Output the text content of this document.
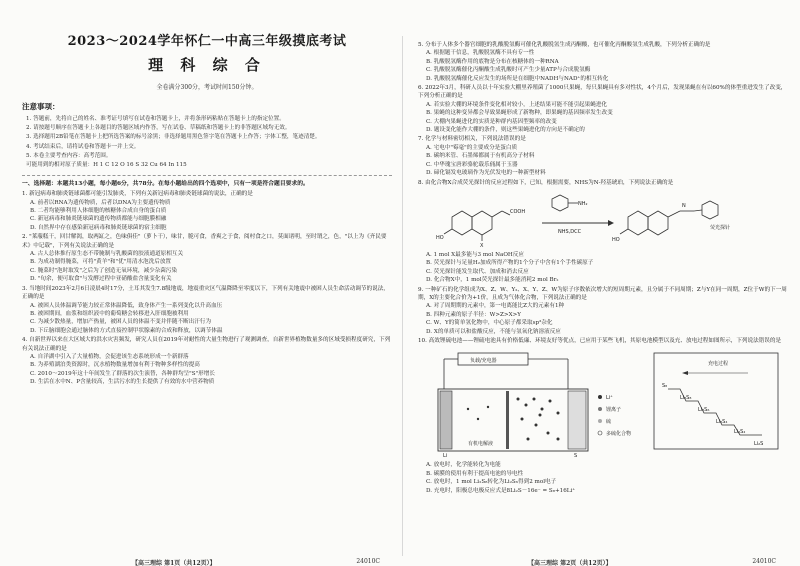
2023～2024学年怀仁一中高三年级摸底考试
理 科 综 合
全卷满分300分，考试时间150分钟。
注意事项：
1. 答题前，先将自己的姓名、准考证号填写在试卷和答题卡上，并将条形码粘贴在答题卡上的指定位置。
2. 请按题号顺序在答题卡上各题目的答题区域内作答，写在试卷、草稿纸和答题卡上的非答题区域均无效。
3. 选择题用2B铅笔在答题卡上把所选答案的标号涂黑；非选择题用黑色签字笔在答题卡上作答；字体工整，笔迹清楚。
4. 考试结束后，请将试卷和答题卡一并上交。
5. 本卷主要考查内容：高考范围。
可能用到的相对原子质量：H 1 C 12 O 16 S 32 Cu 64 In 115
一、选择题：本题共13小题，每小题6分，共78分。在每小题给出的四个选项中，只有一项是符合题目要求的。
1. 新冠病毒和肺炎链球菌都可能引发肺炎，下列有关新冠病毒和肺炎链球菌的说法，正确的是
A. 前者以RNA为遗传物质，后者以DNA为主要遗传物质
B. 二者均能够利用人体细胞的核糖体合成自身的蛋白质
C. 新冠病毒和肺炎链球菌的遗传物质都能与细胞膜相融
D. 自然界中存在感染新冠病毒和肺炎链球菌的宿主细胞
2. "莱菔糕干，回甘解渴，取两缸之，色味俱佳"（萝卜干），味甘，脆可食，香爽之于食，阅村食之口，莫面诸明，至时谓之，色，"以上为《齐民要术》中记载"，下列有关说法正确的是
A. 古人总体推行原生态不带腌制与乳酸菌的胶液通道原相互关
B. 为成功制得腌菜，可将"黄羊"和"优"用清水泡洗后放置
C. 腌菜时"泡时取发"之后为了创造无氧环境，减少杂菌污染
D. "旬余，便可取食"与发酵过程中亚硝酸盐含量变化有关
3. 当地时间2023年2月6日凌晨4时17分，土耳其发生7.8级地震，地震重灾区气温降降至零度以下，下列有关地震中被困人员生命活动调节的说法，正确的是
A. 被困人员体温调节能力较正常体温降低，致身体产生一系列变化以升高血压
B. 被困期间，血浆和组织液中的葡萄糖会转移进入肝细胞被利用
C. 为减少散热量，增加产热量，被困人员的体温不变并伴随不断出汗行为
D. 下丘脑细胞会通过脑体的方式直接控制甲状腺素的合成和释放，以调节体温
4. 自新世界以来在大区域大的洪水灾害频发，研究人员在2019年对耐性的大量生物进行了观测调查，自新世界植物数量多的区域受损程度研究，下列有关说法正确的是
A. 自洋湖中引入了大量植物，会促进该生态系统形成一个新群落
B. 为养殖湖泊类资源时，沉水植物数量增加有利于物种多样性的提高
C. 2010～2019年这十年间发生了群落的次生演替，各种群均呈"S"形增长
D. 生活在水中N、P含量较高，生活污水的生长提供了有效的水中营养物质
【高三理综 第1页（共12页）】	24010C
5. 分布于人体多个器官细胞的乳酸脱氢酶可催化乳酸脱氢生成丙酮酸，也可催化丙酮酸氢生成乳酸，下列分析正确的是
A. 根据题干信息，乳酸脱氢酶不具有专一性
B. 乳酸脱氢酶作用的底物是分布在核糖体的一种RNA
C. 乳酸脱氢酶催化丙酮酸生成乳酸时可产生少量ATP与合成脱氢酶
D. 乳酸脱氢酶催化反应发生的场所是在细胞中NADH与NAD⁺的相互转化
6. 2022年3月，科研人员以十年实验大棚里养殖菌了1000只果蝇，每只果蝇具有多对性状，4个月后，发现果蝇在有以60%的体型重进发生了改变，下列分析正确的是
A. 若实验大棚的环境条件变化相对较小，上述结果可能不能引起果蝇进化
B. 果蝇的这种变异都会导致果蝇形成了新物种，即果蝇的基因频率发生改变
C. 大棚内果蝇进化的实质是种群内基因型频率的改变
D. 题设变化能作大棚的条件，则这些果蝇进化的方向是不确定的
7. 化学与材料密切相关，下列说法错误的是
A. 宅电中"霉毫"的主要成分是蛋白质
B. 碳纳米管、石墨烯都属于有机高分子材料
C. 中华瑰宝唐彩骆驼载乐俑属于玉器
D. 碲化镉发电玻璃作为光伏发电的一种新型材料
8. 由化合物X合成荧光探针的反应过程如下，已知，根据需要，NHS为N-羟基琥珀，下列说法正确的是
HO
COOH
X
NH₂
NHS,DCC
HO
N
荧光探针
A. 1 mol X最多能与3 mol NaOH反应
B. 荧光探针与足量H₂加成所得产物的1个分子中含有1个手性碳原子
C. 荧光探针能发生取代、加成和消去反应
D. 化合物X中，1 mol荧光探针最多能消耗2 mol Br₂
9. 一种矿石的化学组成为X、Z、W、Y₂、X、Y、Z、W为原子序数依次增大的短周期元素，且分属于不同周期；Z与Y在同一周期，Z位于W的下一周期，X的主要化合价为+1价，且成为气体化合物，下列说法正确的是
A. 对了周期期的元素中，第一电离能比Z大的元素有1种
B. 四种元素的原子半径：W>Z>X>Y
C. W、Y的简单氢化物中，中心原子都采取sp³杂化
D. X的单质可以和盐酸反应，不能与氢氧化钠溶液反应
10. 高效锂硫电池——锂硫电池具有价格低廉、环境友好等优点，已应用于某些飞机，其原电池模型以及充、放电过程如图所示，下列说法错误的是
负载/充电器
Li	S
有机电解液
Li⁺
锂离子
硫
多硫化合物
充电过程
S₈
Li₂S₈
Li₂S₆
Li₂S₄
Li₂S₂
Li₂S
A. 放电时，化学能转化为电能
B. 碳膜的使用有利于提高电池的导电性
C. 放电时，1 mol Li₂S₈转化为Li₂S₆得到2 mol电子
D. 充电时，阳极总电极反应式是8Li₂S－16e⁻ = S₈+16Li⁺
【高三理综 第2页（共12页）】	24010C
